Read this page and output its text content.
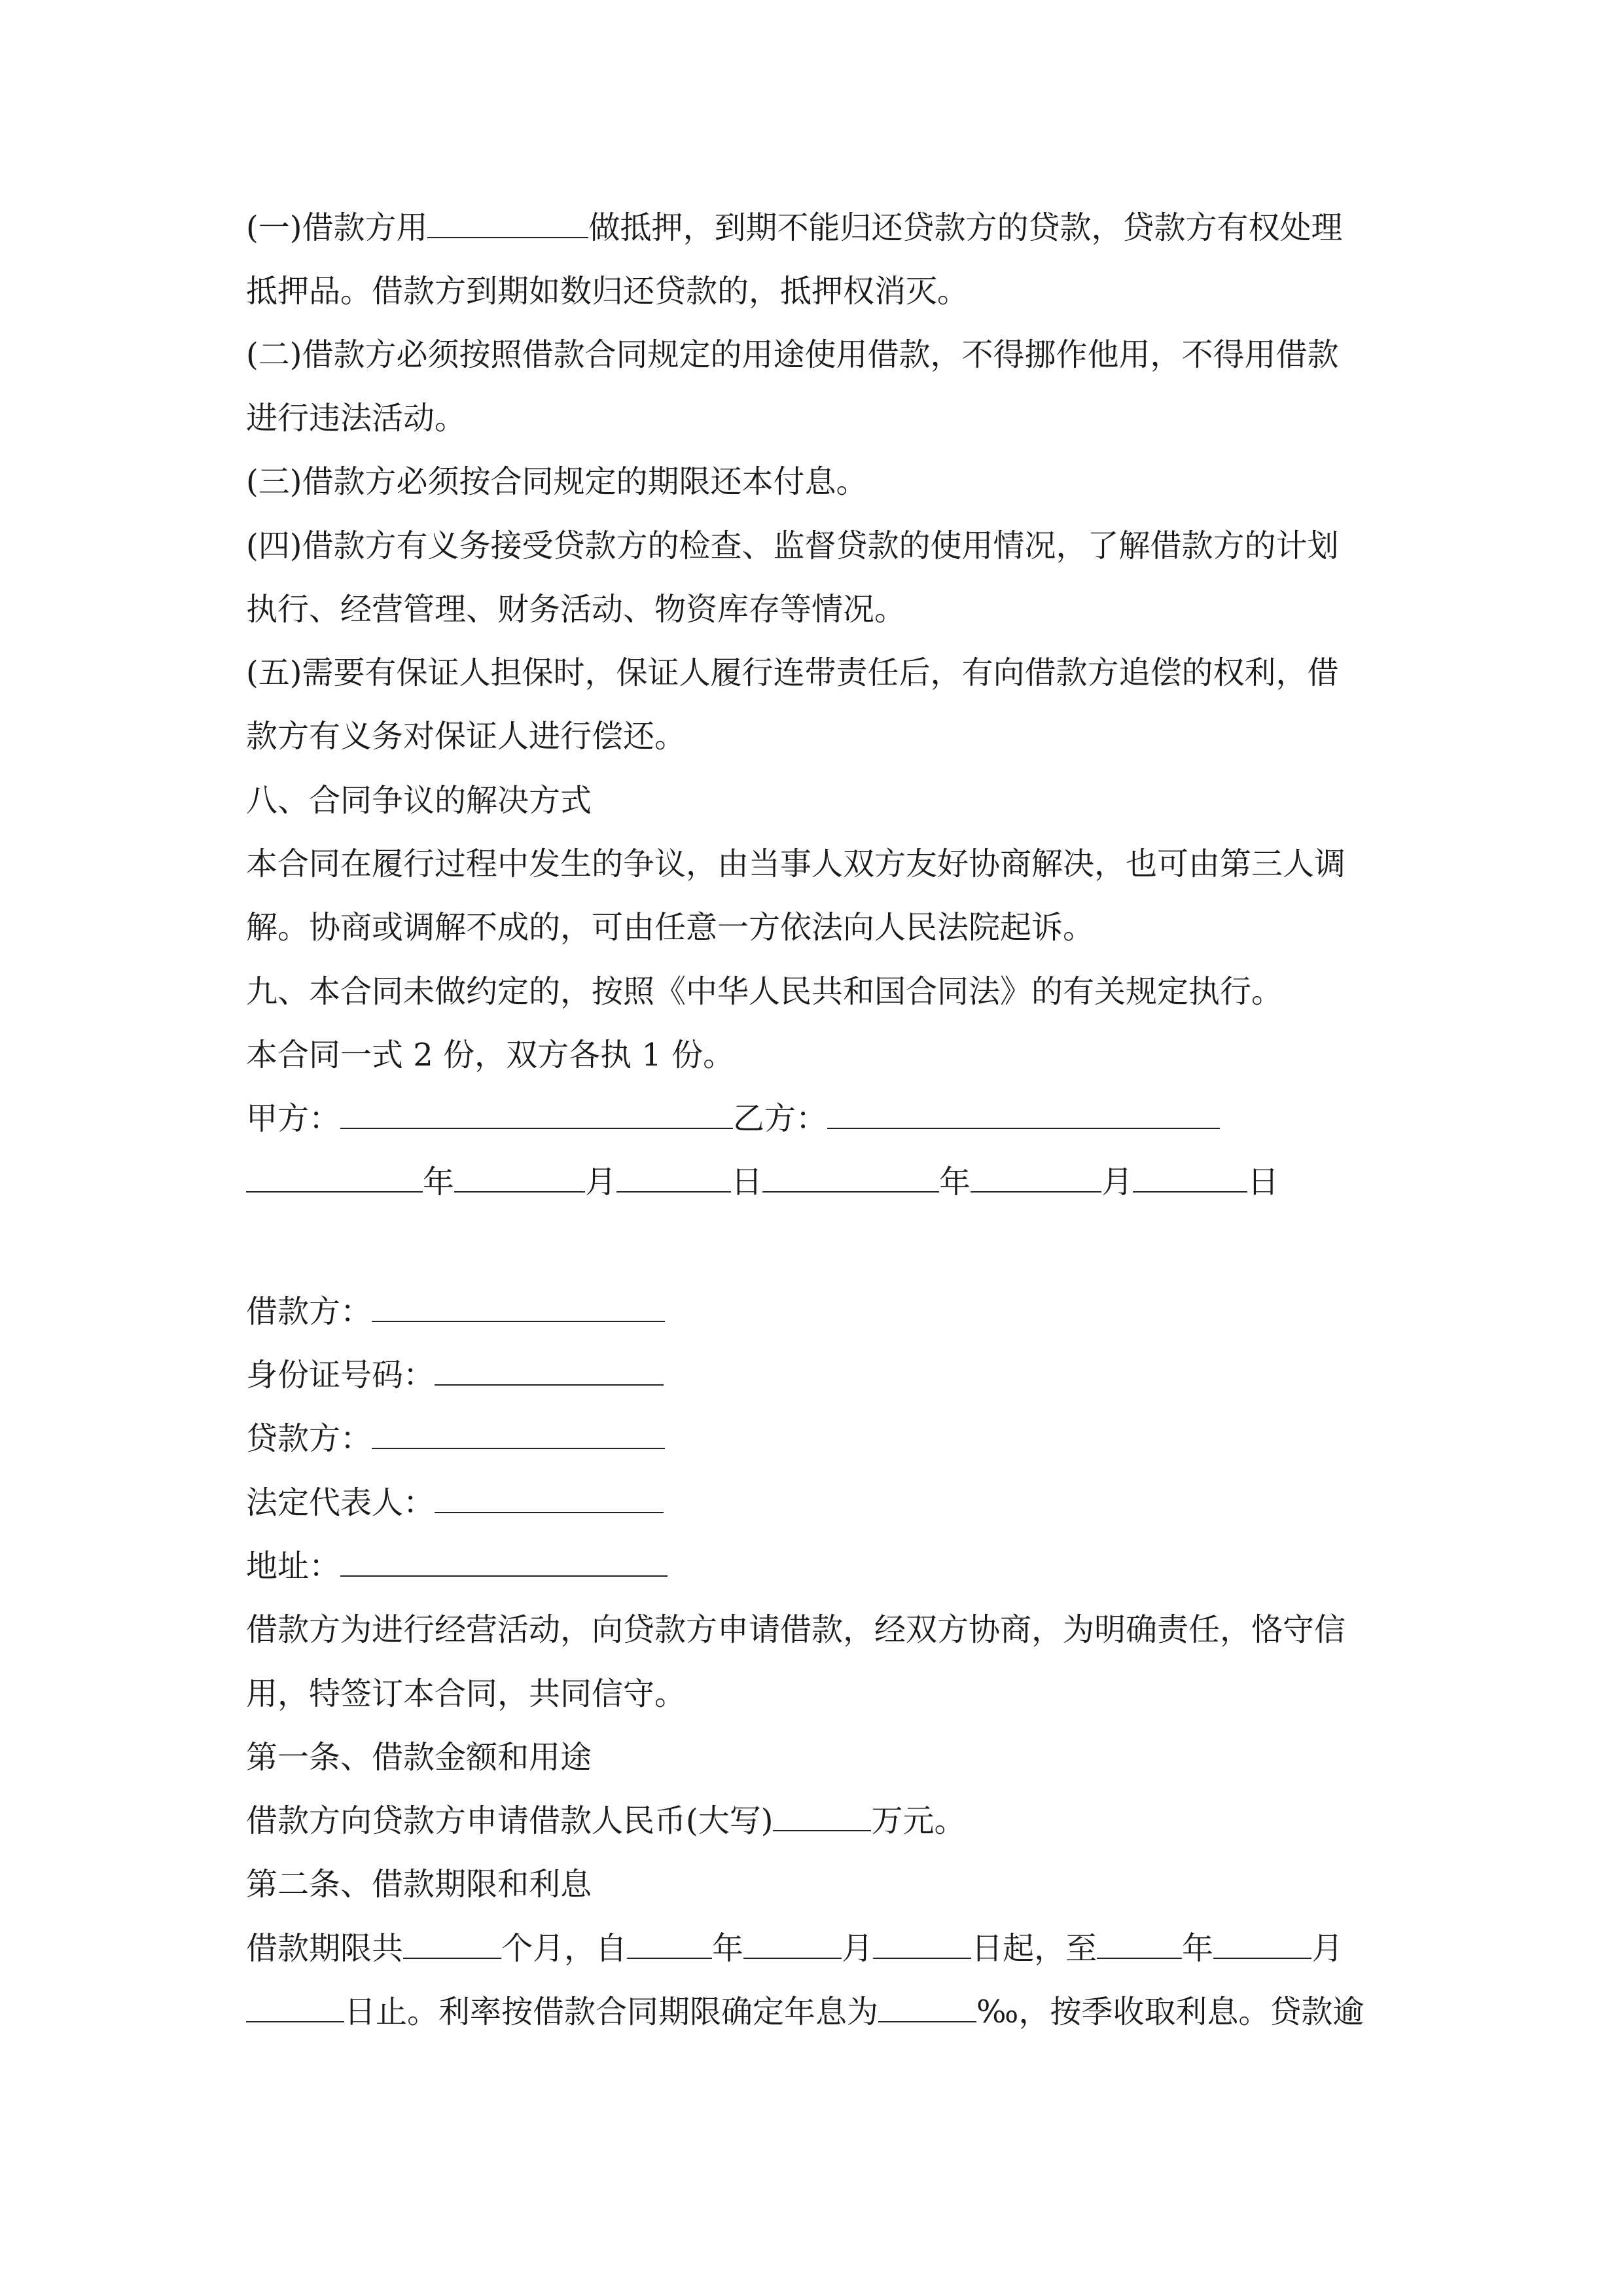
(一)借款方用	做抵押，到期不能归还贷款方的贷款，贷款方有权处理
抵押品。借款方到期如数归还贷款的，抵押权消灭。
(二)借款方必须按照借款合同规定的用途使用借款，不得挪作他用，不得用借款
进行违法活动。
(三)借款方必须按合同规定的期限还本付息。
(四)借款方有义务接受贷款方的检查、监督贷款的使用情况，了解借款方的计划
执行、经营管理、财务活动、物资库存等情况。
(五)需要有保证人担保时，保证人履行连带责任后，有向借款方追偿的权利，借
款方有义务对保证人进行偿还。
八、合同争议的解决方式
本合同在履行过程中发生的争议，由当事人双方友好协商解决，也可由第三人调
解。协商或调解不成的，可由任意一方依法向人民法院起诉。
九、本合同未做约定的，按照《中华人民共和国合同法》的有关规定执行。
本合同一式 2 份，双方各执 1 份。
甲方：	乙方：
年	月	日	年	月	日
借款方：
身份证号码：
贷款方：
法定代表人：
地址：
借款方为进行经营活动，向贷款方申请借款，经双方协商，为明确责任，恪守信
用，特签订本合同，共同信守。
第一条、借款金额和用途
借款方向贷款方申请借款人民币(大写)	万元。
第二条、借款期限和利息
借款期限共	个月，自	年	月	日起，至	年	月
日止。利率按借款合同期限确定年息为	‰，按季收取利息。贷款逾
